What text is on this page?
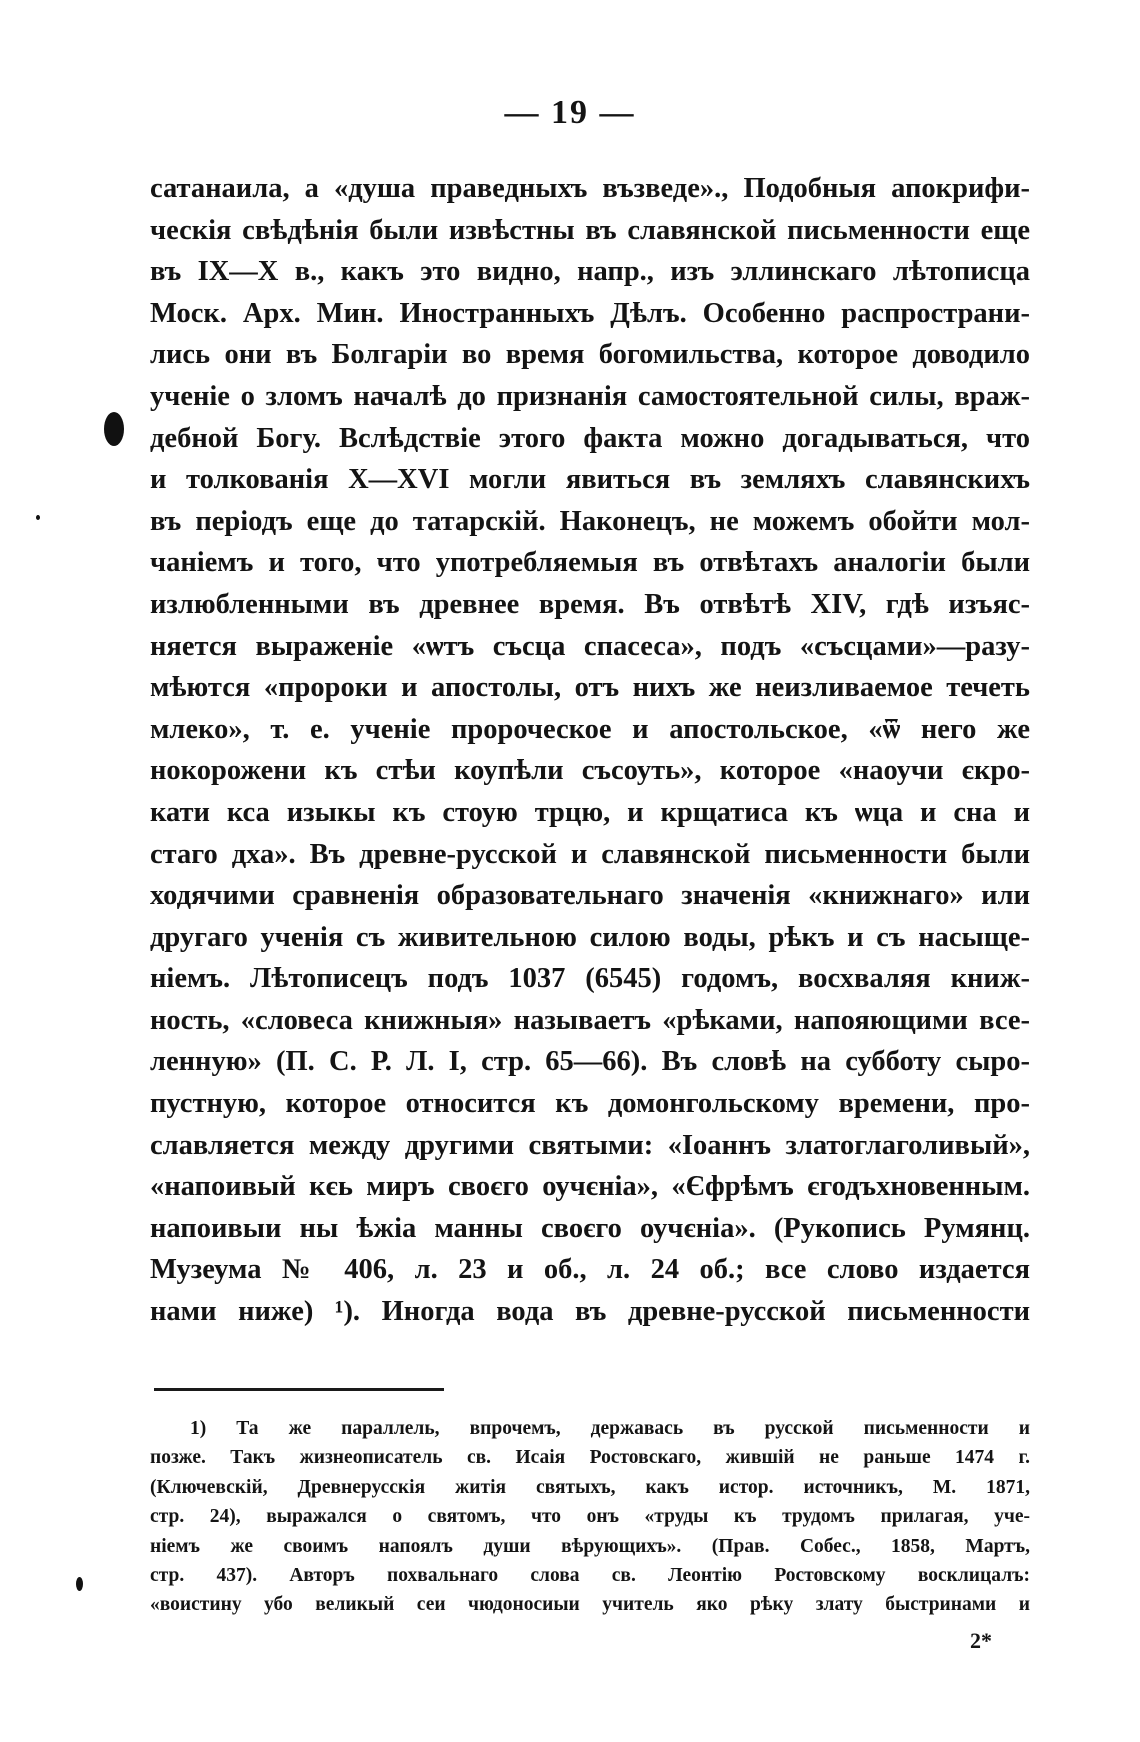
— 19 —
сатанаила, а «душа праведныхъ възведе»., Подобныя апокрифи-
ческія свѣдѣнія были извѣстны въ славянской письменности еще
въ IX—X в., какъ это видно, напр., изъ эллинскаго лѣтописца
Моск. Арх. Мин. Иностранныхъ Дѣлъ. Особенно распространи-
лись они въ Болгаріи во время богомильства, которое доводило
ученіе о зломъ началѣ до признанія самостоятельной силы, враж-
дебной Богу. Вслѣдствіе этого факта можно догадываться, что
и толкованія X—XVI могли явиться въ земляхъ славянскихъ
въ періодъ еще до татарскій. Наконецъ, не можемъ обойти мол-
чаніемъ и того, что употребляемыя въ отвѣтахъ аналогіи были
излюбленными въ древнее время. Въ отвѣтѣ XIV, гдѣ изъяс-
няется выраженіе «ѡтъ съсца спасеса», подъ «съсцами»—разу-
мѣются «пророки и апостолы, отъ нихъ же неизливаемое течеть
млеко», т. е. ученіе пророческое и апостольское, «ѿ него же
нокорожени къ стѣи коупѣли съсоуть», которое «наоучи єкро-
кати кса изыкы къ стоую трцю, и крщатиса къ ѡца и сна и
стаго дха». Въ древне-русской и славянской письменности были
ходячими сравненія образовательнаго значенія «книжнаго» или
другаго ученія съ живительною силою воды, рѣкъ и съ насыще-
ніемъ. Лѣтописецъ подъ 1037 (6545) годомъ, восхваляя книж-
ность, «словеса книжныя» называетъ «рѣками, напояющими все-
ленную» (П. С. Р. Л. I, стр. 65—66). Въ словѣ на субботу сыро-
пустную, которое относится къ домонгольскому времени, про-
славляется между другими святыми: «Іоаннъ златоглаголивый»,
«напоивый кєь миръ своєго оучєніа», «Єфрѣмъ єгодъхновенным.
напоивыи ны ѣжіа манны своєго оучєніа». (Рукопись Румянц.
Музеума № 406, л. 23 и об., л. 24 об.; все слово издается
нами ниже) ¹). Иногда вода въ древне-русской письменности
1) Та же параллель, впрочемъ, державась въ русской письменности и
позже. Такъ жизнеописатель св. Исаія Ростовскаго, жившій не раньше 1474 г.
(Ключевскій, Древнерусскія житія святыхъ, какъ истор. источникъ, М. 1871,
стр. 24), выражался о святомъ, что онъ «труды къ трудомъ прилагая, уче-
ніемъ же своимъ напоялъ души вѣрующихъ». (Прав. Собес., 1858, Мартъ,
стр. 437). Авторъ похвальнаго слова св. Леонтію Ростовскому восклицалъ:
«воистину убо великый сеи чюдоносиыи учитель яко рѣку злату быстринами и
2*
